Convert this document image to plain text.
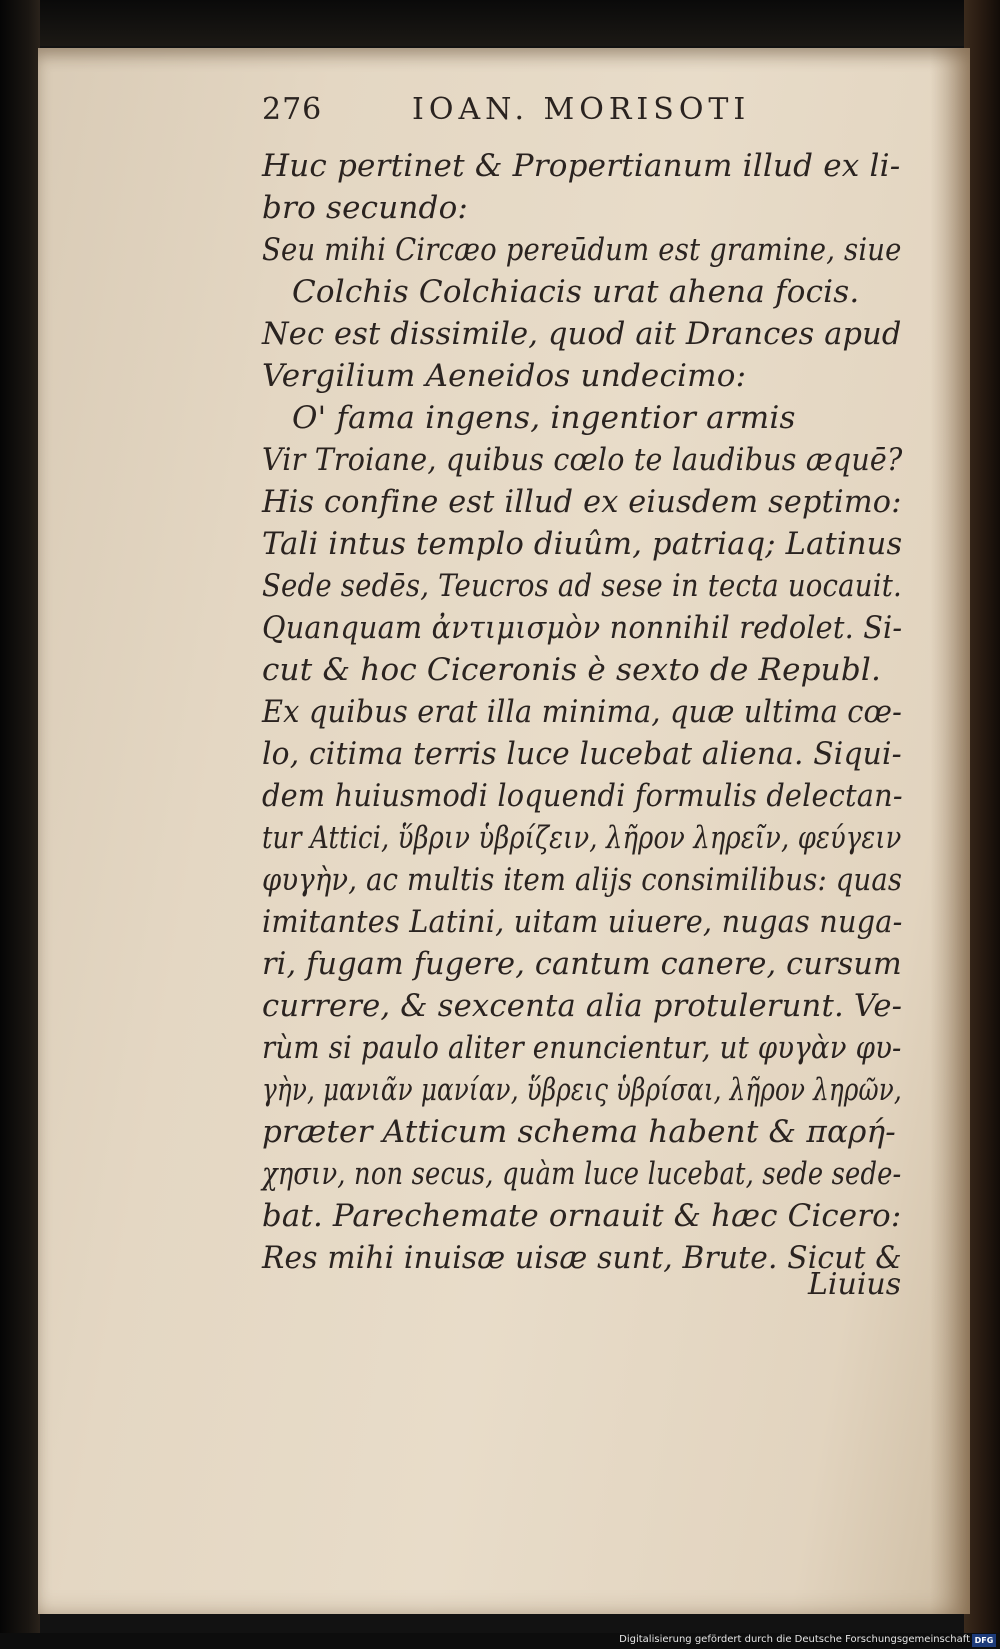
276	IOAN. MORISOTI
Huc pertinet & Propertianum illud ex li-
bro secundo:
Seu mihi Circæo pereūdum est gramine, siue
Colchis Colchiacis urat ahena focis.
Nec est dissimile, quod ait Drances apud
Vergilium Aeneidos undecimo:
O' fama ingens, ingentior armis
Vir Troiane, quibus cœlo te laudibus æquē?
His confine est illud ex eiusdem septimo:
Tali intus templo diuûm, patriaq; Latinus
Sede sedēs, Teucros ad sese in tecta uocauit.
Quanquam ἀντιμισμὸν nonnihil redolet. Si-
cut & hoc Ciceronis è sexto de Republ.
Ex quibus erat illa minima, quæ ultima cœ-
lo, citima terris luce lucebat aliena. Siqui-
dem huiusmodi loquendi formulis delectan-
tur Attici, ὕβριν ὑβρίζειν, λῆρον ληρεῖν, φεύγειν
φυγὴν, ac multis item alijs consimilibus: quas
imitantes Latini, uitam uiuere, nugas nuga-
ri, fugam fugere, cantum canere, cursum
currere, & sexcenta alia protulerunt. Ve-
rùm si paulo aliter enuncientur, ut φυγὰν φυ-
γὴν, μανιᾶν μανίαν, ὕβρεις ὑβρίσαι, λῆρον ληρῶν,
præter Atticum schema habent & παρή-
χησιν, non secus, quàm luce lucebat, sede sede-
bat. Parechemate ornauit & hæc Cicero:
Res mihi inuisæ uisæ sunt, Brute. Sicut &
Liuius
Digitalisierung gefördert durch die Deutsche Forschungsgemeinschaft DFG
